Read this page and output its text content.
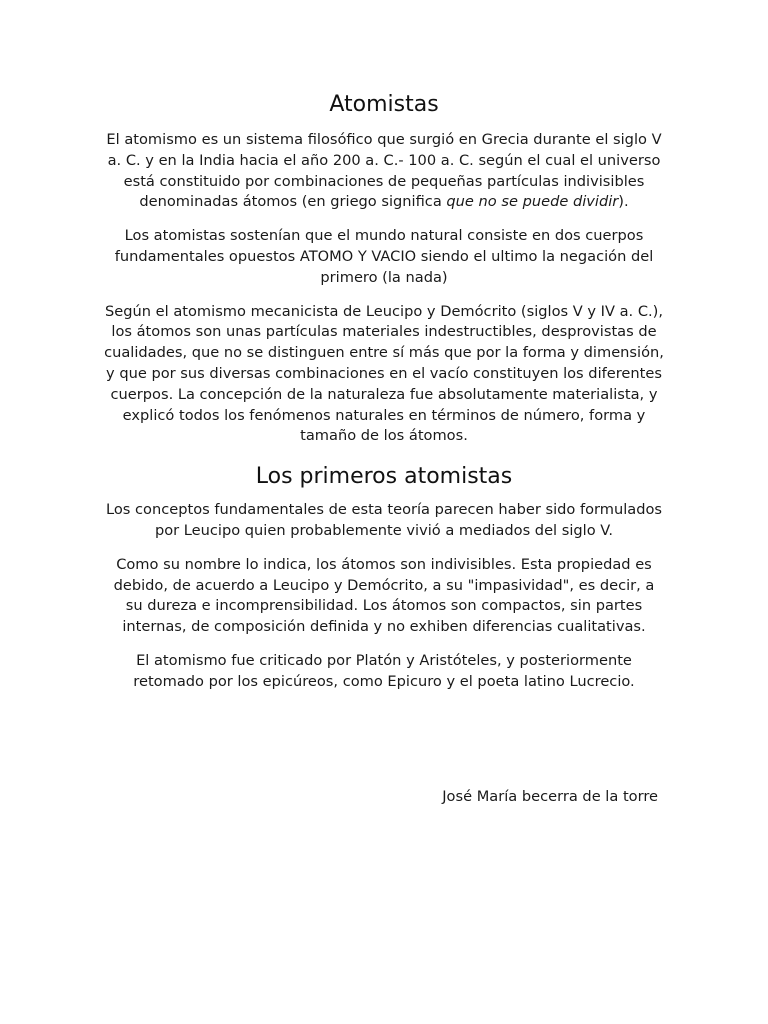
Atomistas

El atomismo es un sistema filosófico que surgió en Grecia durante el siglo V a. C. y en la India hacia el año 200 a. C.- 100 a. C. según el cual el universo está constituido por combinaciones de pequeñas partículas indivisibles denominadas átomos (en griego significa que no se puede dividir).

Los atomistas sostenían que el mundo natural consiste en dos cuerpos fundamentales opuestos ATOMO Y VACIO siendo el ultimo la negación del primero (la nada)

Según el atomismo mecanicista de Leucipo y Demócrito (siglos V y IV a. C.), los átomos son unas partículas materiales indestructibles, desprovistas de cualidades, que no se distinguen entre sí más que por la forma y dimensión, y que por sus diversas combinaciones en el vacío constituyen los diferentes cuerpos. La concepción de la naturaleza fue absolutamente materialista, y explicó todos los fenómenos naturales en términos de número, forma y tamaño de los átomos.

Los primeros atomistas

Los conceptos fundamentales de esta teoría parecen haber sido formulados por Leucipo quien probablemente vivió a mediados del siglo V.

Como su nombre lo indica, los átomos son indivisibles. Esta propiedad es debido, de acuerdo a Leucipo y Demócrito, a su "impasividad", es decir, a su dureza e incomprensibilidad. Los átomos son compactos, sin partes internas, de composición definida y no exhiben diferencias cualitativas.

El atomismo fue criticado por Platón y Aristóteles, y posteriormente retomado por los epicúreos, como Epicuro y el poeta latino Lucrecio.

José María becerra de la torre
